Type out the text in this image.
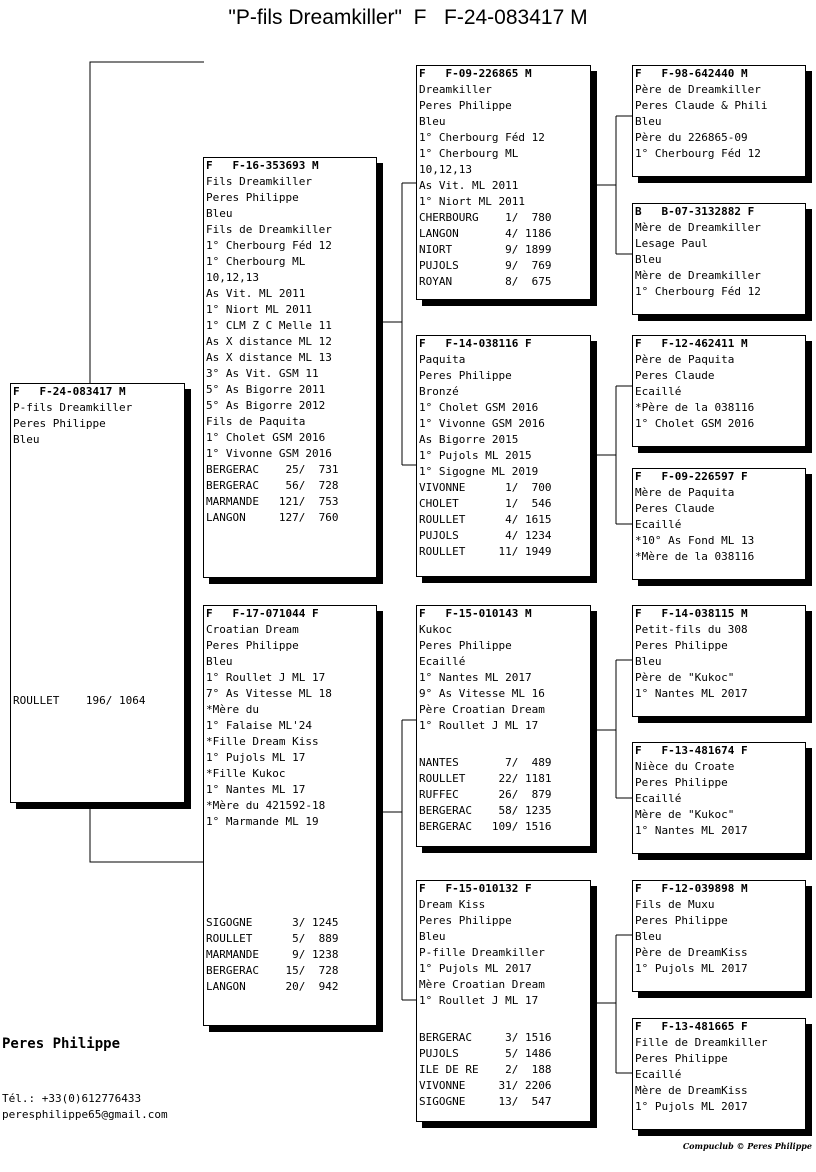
"P-fils Dreamkiller"  F   F-24-083417 M
F   F-24-083417 M
P-fils Dreamkiller
Peres Philippe
Bleu
ROULLET    196/ 1064
F   F-16-353693 M
Fils Dreamkiller
Peres Philippe
Bleu
Fils de Dreamkiller
1° Cherbourg Féd 12
1° Cherbourg ML
10,12,13
As Vit. ML 2011
1° Niort ML 2011
1° CLM Z C Melle 11
As X distance ML 12
As X distance ML 13
3° As Vit. GSM 11
5° As Bigorre 2011
5° As Bigorre 2012
Fils de Paquita
1° Cholet GSM 2016
1° Vivonne GSM 2016
BERGERAC    25/  731
BERGERAC    56/  728
MARMANDE   121/  753
LANGON     127/  760
F   F-17-071044 F
Croatian Dream
Peres Philippe
Bleu
1° Roullet J ML 17
7° As Vitesse ML 18
*Mère du
1° Falaise ML'24
*Fille Dream Kiss
1° Pujols ML 17
*Fille Kukoc
1° Nantes ML 17
*Mère du 421592-18
1° Marmande ML 19
SIGOGNE      3/ 1245
ROULLET      5/  889
MARMANDE     9/ 1238
BERGERAC    15/  728
LANGON      20/  942
F   F-09-226865 M
Dreamkiller
Peres Philippe
Bleu
1° Cherbourg Féd 12
1° Cherbourg ML
10,12,13
As Vit. ML 2011
1° Niort ML 2011
CHERBOURG    1/  780
LANGON       4/ 1186
NIORT        9/ 1899
PUJOLS       9/  769
ROYAN        8/  675
F   F-14-038116 F
Paquita
Peres Philippe
Bronzé
1° Cholet GSM 2016
1° Vivonne GSM 2016
As Bigorre 2015
1° Pujols ML 2015
1° Sigogne ML 2019
VIVONNE      1/  700
CHOLET       1/  546
ROULLET      4/ 1615
PUJOLS       4/ 1234
ROULLET     11/ 1949
F   F-15-010143 M
Kukoc
Peres Philippe
Ecaillé
1° Nantes ML 2017
9° As Vitesse ML 16
Père Croatian Dream
1° Roullet J ML 17
NANTES       7/  489
ROULLET     22/ 1181
RUFFEC      26/  879
BERGERAC    58/ 1235
BERGERAC   109/ 1516
F   F-15-010132 F
Dream Kiss
Peres Philippe
Bleu
P-fille Dreamkiller
1° Pujols ML 2017
Mère Croatian Dream
1° Roullet J ML 17
BERGERAC     3/ 1516
PUJOLS       5/ 1486
ILE DE RE    2/  188
VIVONNE     31/ 2206
SIGOGNE     13/  547
F   F-98-642440 M
Père de Dreamkiller
Peres Claude & Phili
Bleu
Père du 226865-09
1° Cherbourg Féd 12
B   B-07-3132882 F
Mère de Dreamkiller
Lesage Paul
Bleu
Mère de Dreamkiller
1° Cherbourg Féd 12
F   F-12-462411 M
Père de Paquita
Peres Claude
Ecaillé
*Père de la 038116
1° Cholet GSM 2016
F   F-09-226597 F
Mère de Paquita
Peres Claude
Ecaillé
*10° As Fond ML 13
*Mère de la 038116
F   F-14-038115 M
Petit-fils du 308
Peres Philippe
Bleu
Père de "Kukoc"
1° Nantes ML 2017
F   F-13-481674 F
Nièce du Croate
Peres Philippe
Ecaillé
Mère de "Kukoc"
1° Nantes ML 2017
F   F-12-039898 M
Fils de Muxu
Peres Philippe
Bleu
Père de DreamKiss
1° Pujols ML 2017
F   F-13-481665 F
Fille de Dreamkiller
Peres Philippe
Ecaillé
Mère de DreamKiss
1° Pujols ML 2017
Peres Philippe
Tél.: +33(0)612776433
peresphilippe65@gmail.com
Compuclub © Peres Philippe
